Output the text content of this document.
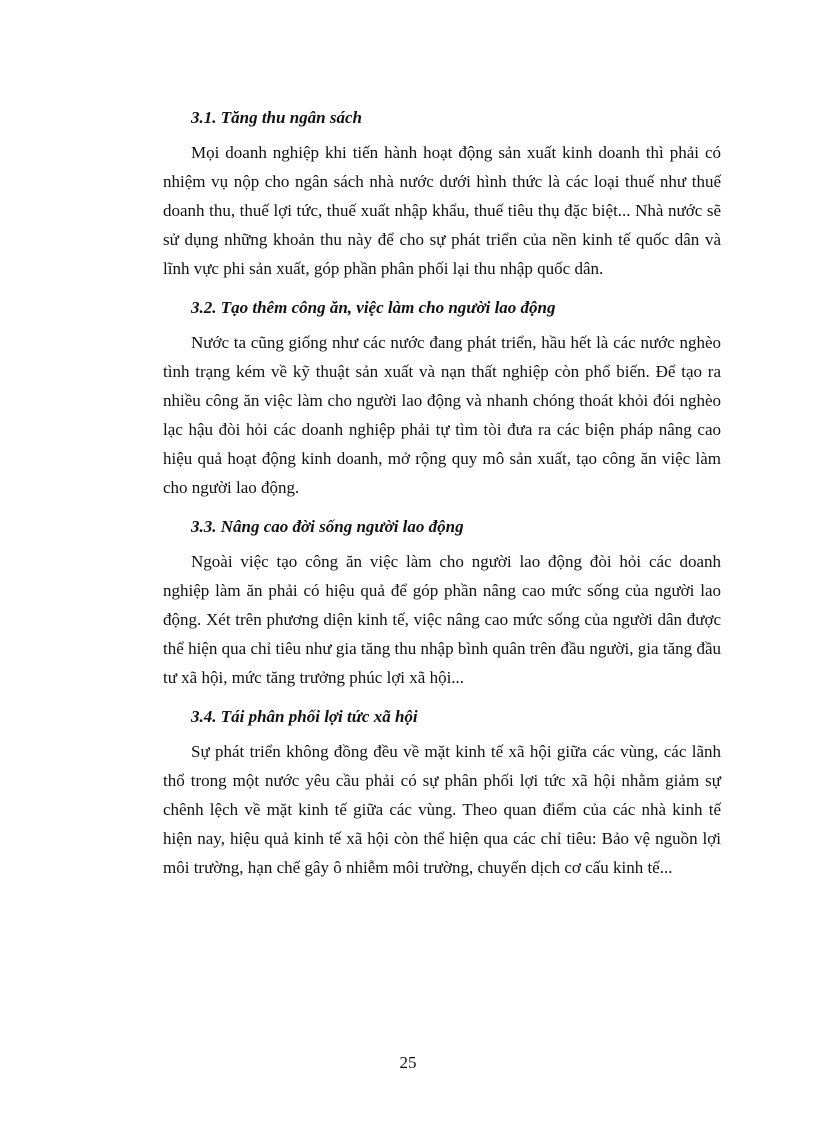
3.1. Tăng thu ngân sách

Mọi doanh nghiệp khi tiến hành hoạt động sản xuất kinh doanh thì phải có nhiệm vụ nộp cho ngân sách nhà nước dưới hình thức là các loại thuế như thuế doanh thu, thuế lợi tức, thuế xuất nhập khẩu, thuế tiêu thụ đặc biệt... Nhà nước sẽ sử dụng những khoản thu này để cho sự phát triển của nền kinh tế quốc dân và lĩnh vực phi sản xuất, góp phần phân phối lại thu nhập quốc dân.

3.2. Tạo thêm công ăn, việc làm cho người lao động

Nước ta cũng giống như các nước đang phát triển, hầu hết là các nước nghèo tình trạng kém về kỹ thuật sản xuất và nạn thất nghiệp còn phổ biến. Để tạo ra nhiều công ăn việc làm cho người lao động và nhanh chóng thoát khỏi đói nghèo lạc hậu đòi hỏi các doanh nghiệp phải tự tìm tòi đưa ra các biện pháp nâng cao hiệu quả hoạt động kinh doanh, mở rộng quy mô sản xuất, tạo công ăn việc làm cho người lao động.

3.3. Nâng cao đời sống người lao động

Ngoài việc tạo công ăn việc làm cho người lao động đòi hỏi các doanh nghiệp làm ăn phải có hiệu quả để góp phần nâng cao mức sống của người lao động. Xét trên phương diện kinh tế, việc nâng cao mức sống của người dân được thể hiện qua chỉ tiêu như gia tăng thu nhập bình quân trên đầu người, gia tăng đầu tư xã hội, mức tăng trưởng phúc lợi xã hội...

3.4. Tái phân phối lợi tức xã hội

Sự phát triển không đồng đều về mặt kinh tế xã hội giữa các vùng, các lãnh thổ trong một nước yêu cầu phải có sự phân phối lợi tức xã hội nhằm giảm sự chênh lệch về mặt kinh tế giữa các vùng. Theo quan điểm của các nhà kinh tế hiện nay, hiệu quả kinh tế xã hội còn thể hiện qua các chỉ tiêu: Bảo vệ nguồn lợi môi trường, hạn chế gây ô nhiễm môi trường, chuyển dịch cơ cấu kinh tế...

25
